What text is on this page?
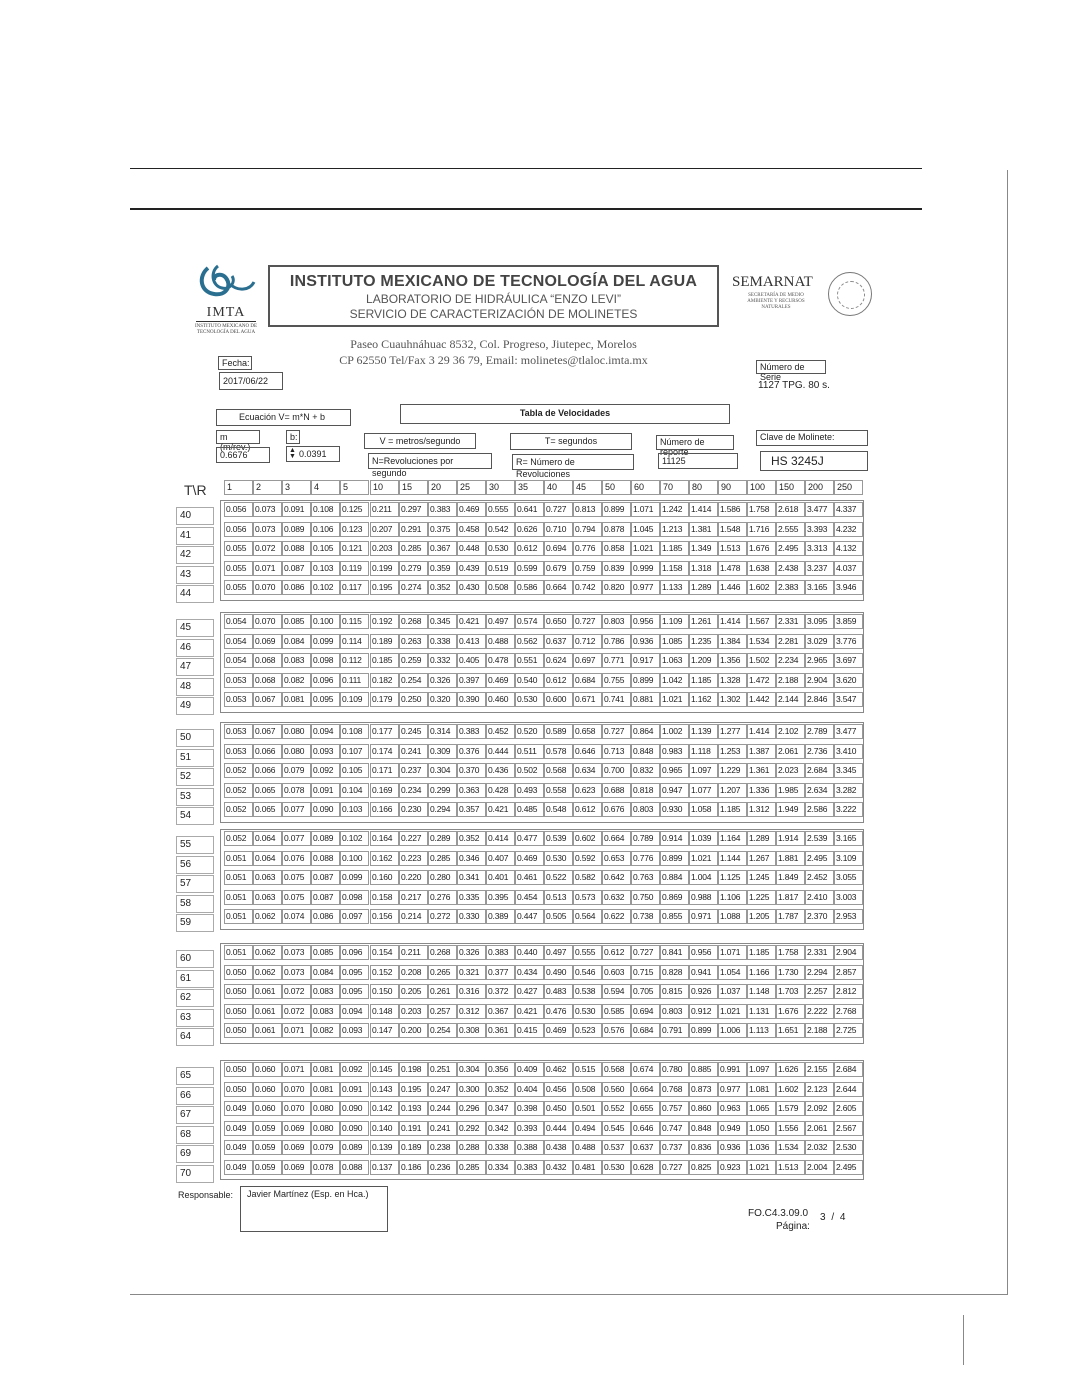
IMTA
INSTITUTO MEXICANO DE TECNOLOGÍA DEL AGUA
INSTITUTO MEXICANO DE TECNOLOGÍA DEL AGUA
LABORATORIO DE HIDRÁULICA “ENZO LEVI”
SERVICIO DE CARACTERIZACIÓN DE MOLINETES
SEMARNAT
SECRETARÍA DE MEDIO AMBIENTE Y RECURSOS NATURALES
Paseo Cuauhnáhuac 8532, Col. Progreso, Jiutepec, Morelos
CP 62550 Tel/Fax 3 29 36 79, Email: molinetes@tlaloc.imta.mx
Fecha:
2017/06/22
Número de Serie
1127 TPG. 80 s.
Ecuación V= m*N + b	Tabla de Velocidades
m (m/rev.)
0.6676
b:
▲
▼ 0.0391
V = metros/segundo
N=Revoluciones por segundo
T= segundos
R= Número de Revoluciones
Número de reporte
11125
Clave de Molinete:
HS 3245J
T\R	1	2	3	4	5	10	15	20	25	30	35	40	45	50	60	70	80	90	100	150	200	250
40
0.056	0.073	0.091	0.108	0.125	0.211	0.297	0.383	0.469	0.555	0.641	0.727	0.813	0.899	1.071	1.242	1.414	1.586	1.758	2.618	3.477	4.337
41
0.056	0.073	0.089	0.106	0.123	0.207	0.291	0.375	0.458	0.542	0.626	0.710	0.794	0.878	1.045	1.213	1.381	1.548	1.716	2.555	3.393	4.232
42
0.055	0.072	0.088	0.105	0.121	0.203	0.285	0.367	0.448	0.530	0.612	0.694	0.776	0.858	1.021	1.185	1.349	1.513	1.676	2.495	3.313	4.132
43
0.055	0.071	0.087	0.103	0.119	0.199	0.279	0.359	0.439	0.519	0.599	0.679	0.759	0.839	0.999	1.158	1.318	1.478	1.638	2.438	3.237	4.037
44
0.055	0.070	0.086	0.102	0.117	0.195	0.274	0.352	0.430	0.508	0.586	0.664	0.742	0.820	0.977	1.133	1.289	1.446	1.602	2.383	3.165	3.946
45
0.054	0.070	0.085	0.100	0.115	0.192	0.268	0.345	0.421	0.497	0.574	0.650	0.727	0.803	0.956	1.109	1.261	1.414	1.567	2.331	3.095	3.859
46
0.054	0.069	0.084	0.099	0.114	0.189	0.263	0.338	0.413	0.488	0.562	0.637	0.712	0.786	0.936	1.085	1.235	1.384	1.534	2.281	3.029	3.776
47
0.054	0.068	0.083	0.098	0.112	0.185	0.259	0.332	0.405	0.478	0.551	0.624	0.697	0.771	0.917	1.063	1.209	1.356	1.502	2.234	2.965	3.697
48
0.053	0.068	0.082	0.096	0.111	0.182	0.254	0.326	0.397	0.469	0.540	0.612	0.684	0.755	0.899	1.042	1.185	1.328	1.472	2.188	2.904	3.620
49
0.053	0.067	0.081	0.095	0.109	0.179	0.250	0.320	0.390	0.460	0.530	0.600	0.671	0.741	0.881	1.021	1.162	1.302	1.442	2.144	2.846	3.547
50
0.053	0.067	0.080	0.094	0.108	0.177	0.245	0.314	0.383	0.452	0.520	0.589	0.658	0.727	0.864	1.002	1.139	1.277	1.414	2.102	2.789	3.477
51
0.053	0.066	0.080	0.093	0.107	0.174	0.241	0.309	0.376	0.444	0.511	0.578	0.646	0.713	0.848	0.983	1.118	1.253	1.387	2.061	2.736	3.410
52
0.052	0.066	0.079	0.092	0.105	0.171	0.237	0.304	0.370	0.436	0.502	0.568	0.634	0.700	0.832	0.965	1.097	1.229	1.361	2.023	2.684	3.345
53
0.052	0.065	0.078	0.091	0.104	0.169	0.234	0.299	0.363	0.428	0.493	0.558	0.623	0.688	0.818	0.947	1.077	1.207	1.336	1.985	2.634	3.282
54
0.052	0.065	0.077	0.090	0.103	0.166	0.230	0.294	0.357	0.421	0.485	0.548	0.612	0.676	0.803	0.930	1.058	1.185	1.312	1.949	2.586	3.222
55
0.052	0.064	0.077	0.089	0.102	0.164	0.227	0.289	0.352	0.414	0.477	0.539	0.602	0.664	0.789	0.914	1.039	1.164	1.289	1.914	2.539	3.165
56
0.051	0.064	0.076	0.088	0.100	0.162	0.223	0.285	0.346	0.407	0.469	0.530	0.592	0.653	0.776	0.899	1.021	1.144	1.267	1.881	2.495	3.109
57
0.051	0.063	0.075	0.087	0.099	0.160	0.220	0.280	0.341	0.401	0.461	0.522	0.582	0.642	0.763	0.884	1.004	1.125	1.245	1.849	2.452	3.055
58
0.051	0.063	0.075	0.087	0.098	0.158	0.217	0.276	0.335	0.395	0.454	0.513	0.573	0.632	0.750	0.869	0.988	1.106	1.225	1.817	2.410	3.003
59
0.051	0.062	0.074	0.086	0.097	0.156	0.214	0.272	0.330	0.389	0.447	0.505	0.564	0.622	0.738	0.855	0.971	1.088	1.205	1.787	2.370	2.953
60
0.051	0.062	0.073	0.085	0.096	0.154	0.211	0.268	0.326	0.383	0.440	0.497	0.555	0.612	0.727	0.841	0.956	1.071	1.185	1.758	2.331	2.904
61
0.050	0.062	0.073	0.084	0.095	0.152	0.208	0.265	0.321	0.377	0.434	0.490	0.546	0.603	0.715	0.828	0.941	1.054	1.166	1.730	2.294	2.857
62
0.050	0.061	0.072	0.083	0.095	0.150	0.205	0.261	0.316	0.372	0.427	0.483	0.538	0.594	0.705	0.815	0.926	1.037	1.148	1.703	2.257	2.812
63
0.050	0.061	0.072	0.083	0.094	0.148	0.203	0.257	0.312	0.367	0.421	0.476	0.530	0.585	0.694	0.803	0.912	1.021	1.131	1.676	2.222	2.768
64
0.050	0.061	0.071	0.082	0.093	0.147	0.200	0.254	0.308	0.361	0.415	0.469	0.523	0.576	0.684	0.791	0.899	1.006	1.113	1.651	2.188	2.725
65
0.050	0.060	0.071	0.081	0.092	0.145	0.198	0.251	0.304	0.356	0.409	0.462	0.515	0.568	0.674	0.780	0.885	0.991	1.097	1.626	2.155	2.684
66
0.050	0.060	0.070	0.081	0.091	0.143	0.195	0.247	0.300	0.352	0.404	0.456	0.508	0.560	0.664	0.768	0.873	0.977	1.081	1.602	2.123	2.644
67
0.049	0.060	0.070	0.080	0.090	0.142	0.193	0.244	0.296	0.347	0.398	0.450	0.501	0.552	0.655	0.757	0.860	0.963	1.065	1.579	2.092	2.605
68
0.049	0.059	0.069	0.080	0.090	0.140	0.191	0.241	0.292	0.342	0.393	0.444	0.494	0.545	0.646	0.747	0.848	0.949	1.050	1.556	2.061	2.567
69
0.049	0.059	0.069	0.079	0.089	0.139	0.189	0.238	0.288	0.338	0.388	0.438	0.488	0.537	0.637	0.737	0.836	0.936	1.036	1.534	2.032	2.530
70
0.049	0.059	0.069	0.078	0.088	0.137	0.186	0.236	0.285	0.334	0.383	0.432	0.481	0.530	0.628	0.727	0.825	0.923	1.021	1.513	2.004	2.495
Responsable: Javier Martínez (Esp. en Hca.)
FO.C4.3.09.0 3 / 4
Página:
